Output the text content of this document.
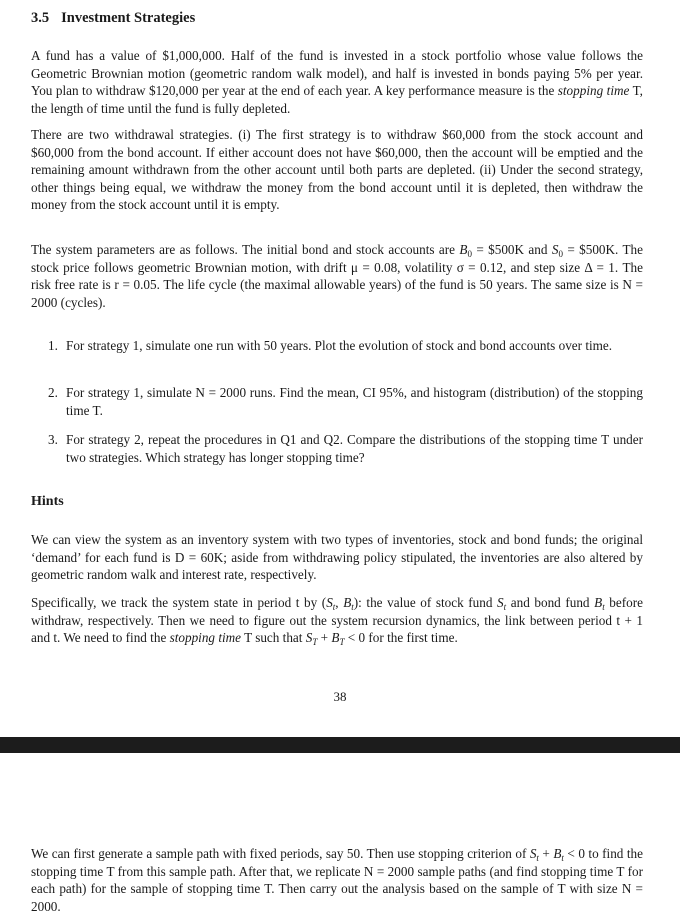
3.5 Investment Strategies

A fund has a value of $1,000,000. Half of the fund is invested in a stock portfolio whose value follows the Geometric Brownian motion (geometric random walk model), and half is invested in bonds paying 5% per year. You plan to withdraw $120,000 per year at the end of each year. A key performance measure is the stopping time T, the length of time until the fund is fully depleted.

There are two withdrawal strategies. (i) The first strategy is to withdraw $60,000 from the stock account and $60,000 from the bond account. If either account does not have $60,000, then the account will be emptied and the remaining amount withdrawn from the other account until both parts are depleted. (ii) Under the second strategy, other things being equal, we withdraw the money from the bond account until it is depleted, then withdraw the money from the stock account until it is empty.

The system parameters are as follows. The initial bond and stock accounts are $B_0$ = $500K and $S_0$ = $500K. The stock price follows geometric Brownian motion, with drift μ = 0.08, volatility σ = 0.12, and step size Δ = 1. The risk free rate is r = 0.05. The life cycle (the maximal allowable years) of the fund is 50 years. The same size is N = 2000 (cycles).

1. For strategy 1, simulate one run with 50 years. Plot the evolution of stock and bond accounts over time.
2. For strategy 1, simulate N = 2000 runs. Find the mean, CI 95%, and histogram (distribution) of the stopping time T.
3. For strategy 2, repeat the procedures in Q1 and Q2. Compare the distributions of the stopping time T under two strategies. Which strategy has longer stopping time?
Hints

We can view the system as an inventory system with two types of inventories, stock and bond funds; the original ‘demand’ for each fund is D = 60K; aside from withdrawing policy stipulated, the inventories are also altered by geometric random walk and interest rate, respectively.

Specifically, we track the system state in period t by ($S_t$, $B_t$): the value of stock fund $S_t$ and bond fund $B_t$ before withdraw, respectively. Then we need to figure out the system recursion dynamics, the link between period t + 1 and t. We need to find the stopping time T such that $S_T + B_T < 0$ for the first time.

38

We can first generate a sample path with fixed periods, say 50. Then use stopping criterion of $S_t + B_t < 0$ to find the stopping time T from this sample path. After that, we replicate N = 2000 sample paths (and find stopping time T for each path) for the sample of stopping time T. Then carry out the analysis based on the sample of T with size N = 2000.
